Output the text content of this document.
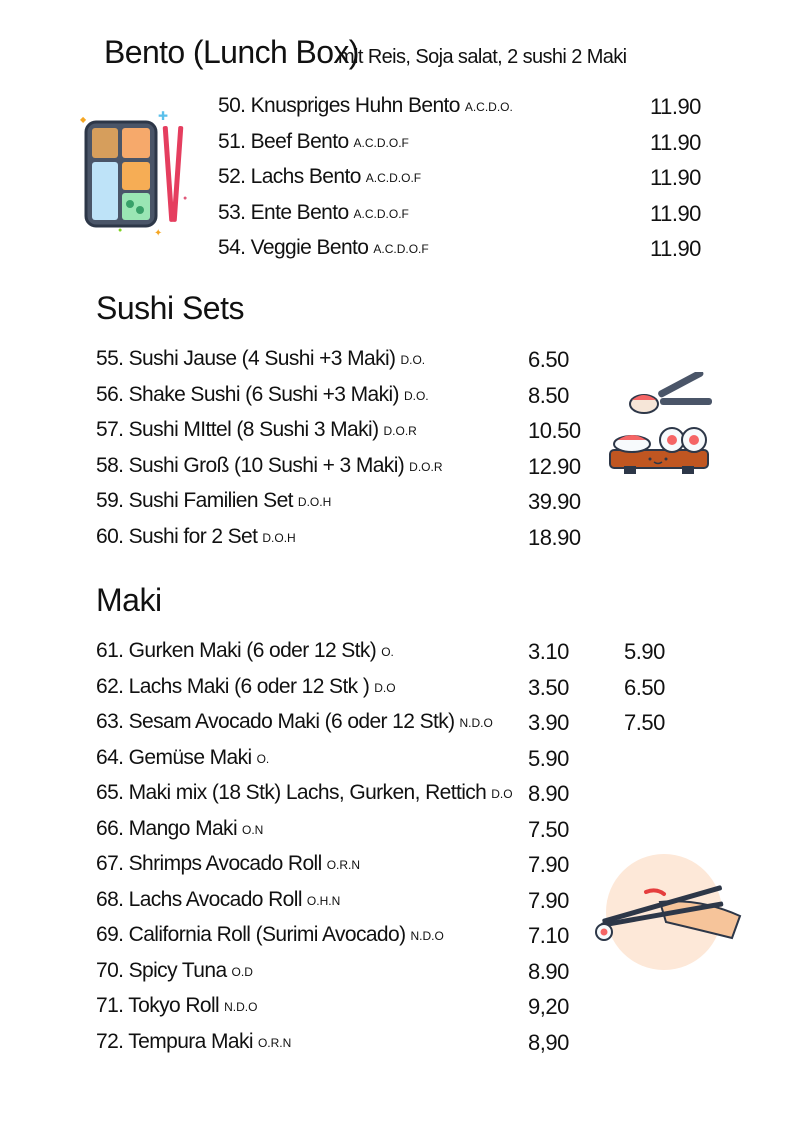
Bento (Lunch Box)
mit Reis, Soja salat, 2 sushi 2 Maki
50. Knuspriges Huhn Bento A.C.D.O.	11.90
51. Beef Bento A.C.D.O.F	11.90
52. Lachs Bento A.C.D.O.F	11.90
53. Ente Bento A.C.D.O.F	11.90
54. Veggie Bento A.C.D.O.F	11.90
Sushi Sets
55. Sushi Jause (4 Sushi +3 Maki) D.O.	6.50
56. Shake Sushi (6 Sushi +3 Maki) D.O.	8.50
57. Sushi MIttel (8 Sushi 3 Maki) D.O.R	10.50
58. Sushi Groß (10 Sushi + 3 Maki) D.O.R	12.90
59. Sushi Familien Set D.O.H	39.90
60. Sushi for 2 Set D.O.H	18.90
Maki
61. Gurken Maki (6 oder 12 Stk) O.	3.10	5.90
62. Lachs Maki (6 oder 12 Stk ) D.O	3.50	6.50
63. Sesam Avocado Maki (6 oder 12 Stk) N.D.O 3.90	7.50
64. Gemüse Maki O.	5.90
65. Maki mix (18 Stk) Lachs, Gurken, Rettich D.O 8.90
66. Mango Maki O.N	7.50
67. Shrimps Avocado Roll O.R.N	7.90
68. Lachs Avocado Roll O.H.N	7.90
69. California Roll (Surimi Avocado) N.D.O	7.10
70. Spicy Tuna O.D	8.90
71. Tokyo Roll N.D.O	9,20
72. Tempura Maki O.R.N	8,90
✚
◆
✦
●
●
